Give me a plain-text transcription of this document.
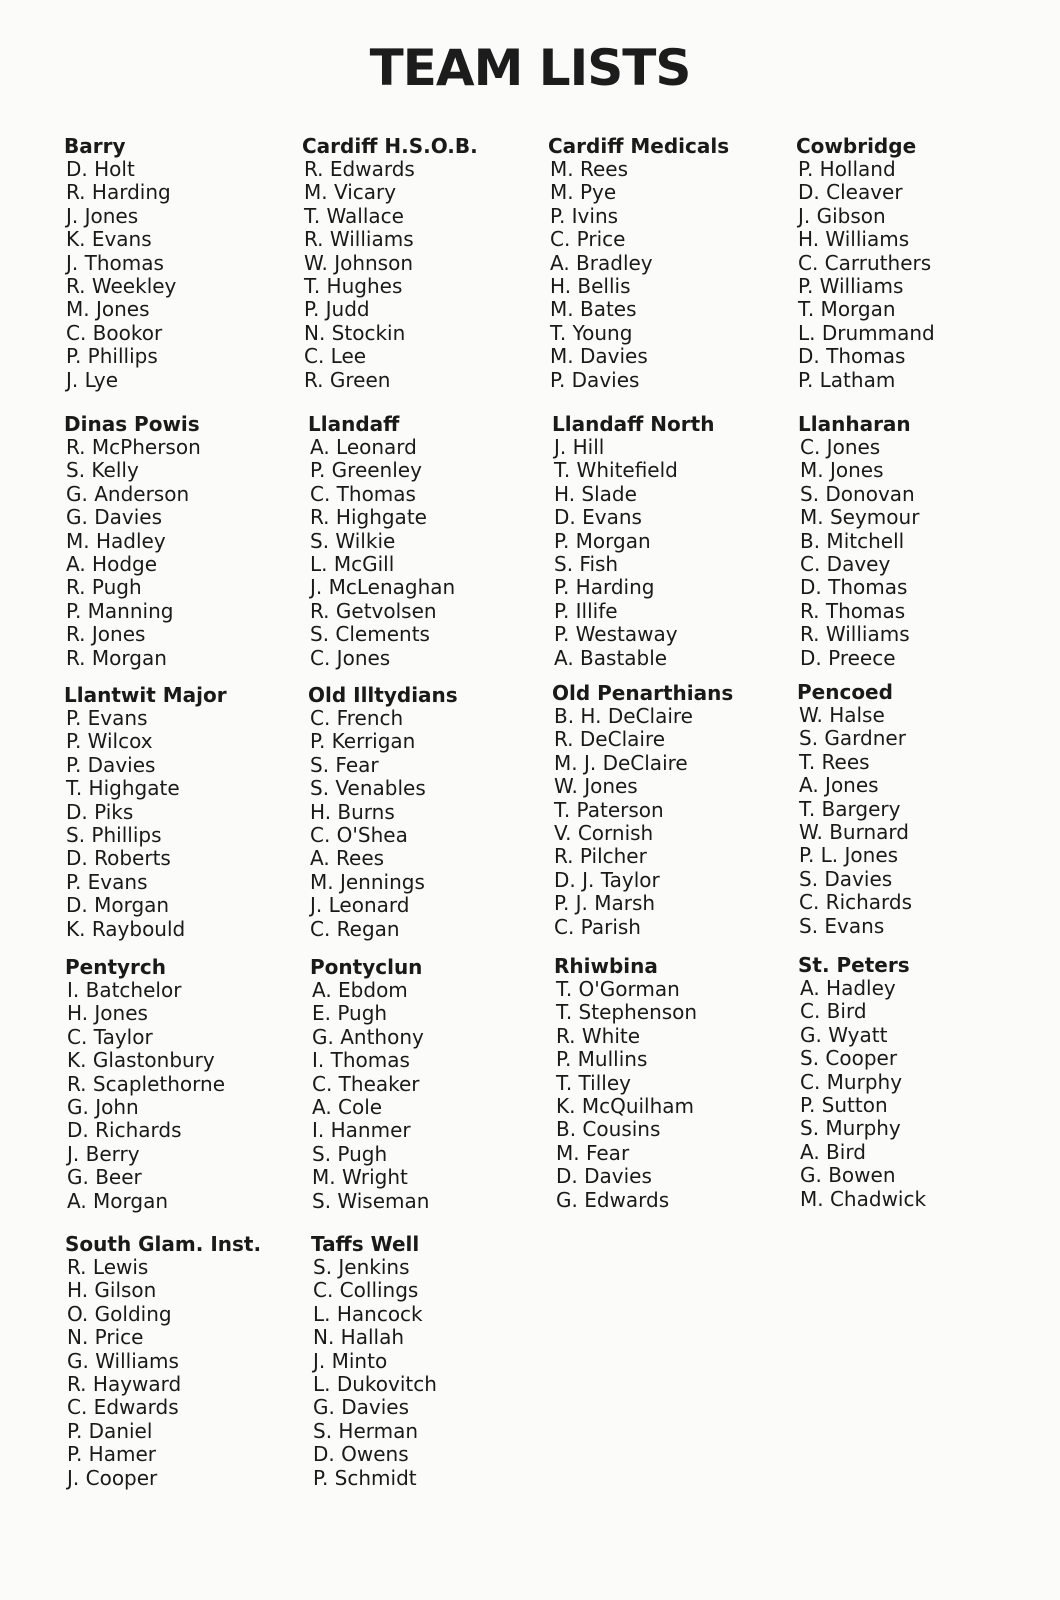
TEAM LISTS
Barry
D. Holt
R. Harding
J. Jones
K. Evans
J. Thomas
R. Weekley
M. Jones
C. Bookor
P. Phillips
J. Lye
Cardiff H.S.O.B.
R. Edwards
M. Vicary
T. Wallace
R. Williams
W. Johnson
T. Hughes
P. Judd
N. Stockin
C. Lee
R. Green
Cardiff Medicals
M. Rees
M. Pye
P. Ivins
C. Price
A. Bradley
H. Bellis
M. Bates
T. Young
M. Davies
P. Davies
Cowbridge
P. Holland
D. Cleaver
J. Gibson
H. Williams
C. Carruthers
P. Williams
T. Morgan
L. Drummand
D. Thomas
P. Latham
Dinas Powis
R. McPherson
S. Kelly
G. Anderson
G. Davies
M. Hadley
A. Hodge
R. Pugh
P. Manning
R. Jones
R. Morgan
Llandaff
A. Leonard
P. Greenley
C. Thomas
R. Highgate
S. Wilkie
L. McGill
J. McLenaghan
R. Getvolsen
S. Clements
C. Jones
Llandaff North
J. Hill
T. Whitefield
H. Slade
D. Evans
P. Morgan
S. Fish
P. Harding
P. Illife
P. Westaway
A. Bastable
Llanharan
C. Jones
M. Jones
S. Donovan
M. Seymour
B. Mitchell
C. Davey
D. Thomas
R. Thomas
R. Williams
D. Preece
Llantwit Major
P. Evans
P. Wilcox
P. Davies
T. Highgate
D. Piks
S. Phillips
D. Roberts
P. Evans
D. Morgan
K. Raybould
Old Illtydians
C. French
P. Kerrigan
S. Fear
S. Venables
H. Burns
C. O'Shea
A. Rees
M. Jennings
J. Leonard
C. Regan
Old Penarthians
B. H. DeClaire
R. DeClaire
M. J. DeClaire
W. Jones
T. Paterson
V. Cornish
R. Pilcher
D. J. Taylor
P. J. Marsh
C. Parish
Pencoed
W. Halse
S. Gardner
T. Rees
A. Jones
T. Bargery
W. Burnard
P. L. Jones
S. Davies
C. Richards
S. Evans
Pentyrch
I. Batchelor
H. Jones
C. Taylor
K. Glastonbury
R. Scaplethorne
G. John
D. Richards
J. Berry
G. Beer
A. Morgan
Pontyclun
A. Ebdom
E. Pugh
G. Anthony
I. Thomas
C. Theaker
A. Cole
I. Hanmer
S. Pugh
M. Wright
S. Wiseman
Rhiwbina
T. O'Gorman
T. Stephenson
R. White
P. Mullins
T. Tilley
K. McQuilham
B. Cousins
M. Fear
D. Davies
G. Edwards
St. Peters
A. Hadley
C. Bird
G. Wyatt
S. Cooper
C. Murphy
P. Sutton
S. Murphy
A. Bird
G. Bowen
M. Chadwick
South Glam. Inst.
R. Lewis
H. Gilson
O. Golding
N. Price
G. Williams
R. Hayward
C. Edwards
P. Daniel
P. Hamer
J. Cooper
Taffs Well
S. Jenkins
C. Collings
L. Hancock
N. Hallah
J. Minto
L. Dukovitch
G. Davies
S. Herman
D. Owens
P. Schmidt
